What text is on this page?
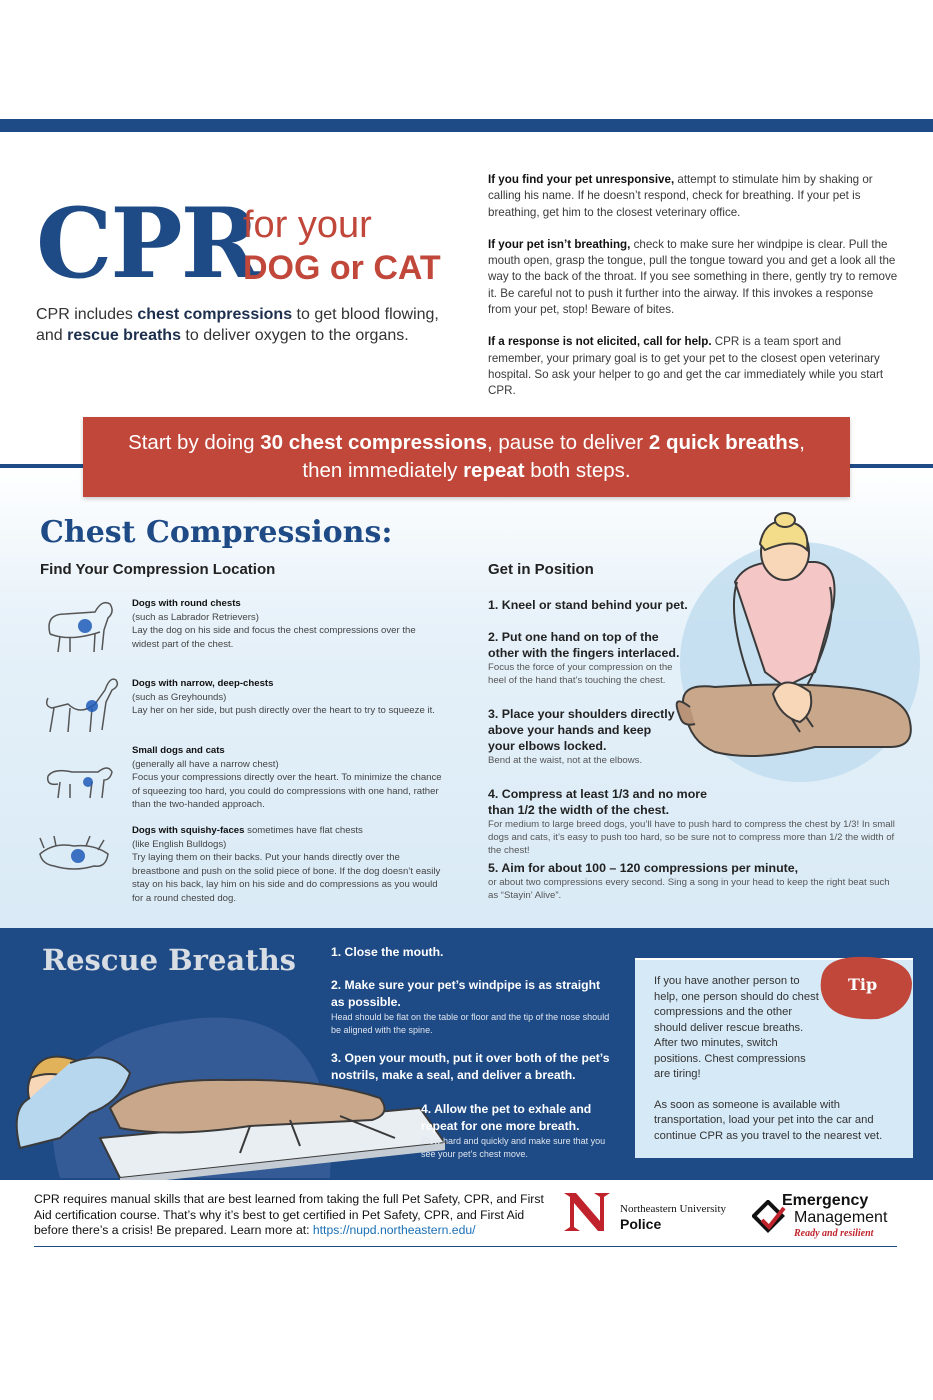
CPR
for your
DOG or CAT
CPR includes chest compressions to get blood flowing, and rescue breaths to deliver oxygen to the organs.

If you find your pet unresponsive, attempt to stimulate him by shaking or calling his name. If he doesn’t respond, check for breathing. If your pet is breathing, get him to the closest veterinary office.

If your pet isn’t breathing, check to make sure her windpipe is clear. Pull the mouth open, grasp the tongue, pull the tongue toward you and get a look all the way to the back of the throat. If you see something in there, gently try to remove it. Be careful not to push it further into the airway. If this invokes a response from your pet, stop! Beware of bites.

If a response is not elicited, call for help. CPR is a team sport and remember, your primary goal is to get your pet to the closest open veterinary hospital. So ask your helper to go and get the car immediately while you start CPR.

Start by doing 30 chest compressions, pause to deliver 2 quick breaths,
then immediately repeat both steps.
Chest Compressions:
Find Your Compression Location	Get in Position
Dogs with round chests
(such as Labrador Retrievers)
Lay the dog on his side and focus the chest compressions over the widest part of the chest.
Dogs with narrow, deep-chests
(such as Greyhounds)
Lay her on her side, but push directly over the heart to try to squeeze it.
Small dogs and cats
(generally all have a narrow chest)
Focus your compressions directly over the heart. To minimize the chance of squeezing too hard, you could do compressions with one hand, rather than the two-handed approach.
Dogs with squishy-faces sometimes have flat chests
(like English Bulldogs)
Try laying them on their backs. Put your hands directly over the breastbone and push on the solid piece of bone. If the dog doesn’t easily stay on his back, lay him on his side and do compressions as you would for a round chested dog.
1. Kneel or stand behind your pet.
2. Put one hand on top of the other with the fingers interlaced.
Focus the force of your compression on the heel of the hand that’s touching the chest.
3. Place your shoulders directly above your hands and keep your elbows locked.
Bend at the waist, not at the elbows.
4. Compress at least 1/3 and no more than 1/2 the width of the chest.
For medium to large breed dogs, you’ll have to push hard to compress the chest by 1/3! In small dogs and cats, it’s easy to push too hard, so be sure not to compress more than 1/2 the width of the chest!
5. Aim for about 100 – 120 compressions per minute,
or about two compressions every second. Sing a song in your head to keep the right beat such as “Stayin’ Alive”.
Rescue Breaths	1. Close the mouth.
2. Make sure your pet’s windpipe is as straight as possible.
Head should be flat on the table or floor and the tip of the nose should be aligned with the spine.
3. Open your mouth, put it over both of the pet’s nostrils, make a seal, and deliver a breath.
4. Allow the pet to exhale and repeat for one more breath.
Blow hard and quickly and make sure that you see your pet’s chest move.
Tip

If you have another person to help, one person should do chest compressions and the other should deliver rescue breaths. After two minutes, switch positions. Chest compressions are tiring!

As soon as someone is available with transportation, load your pet into the car and continue CPR as you travel to the nearest vet.

CPR requires manual skills that are best learned from taking the full Pet Safety, CPR, and First Aid certification course. That’s why it’s best to get certified in Pet Safety, CPR, and First Aid before there’s a crisis! Be prepared. Learn more at: https://nupd.northeastern.edu/
Northeastern University
Police
Emergency
Management
Ready and resilient
